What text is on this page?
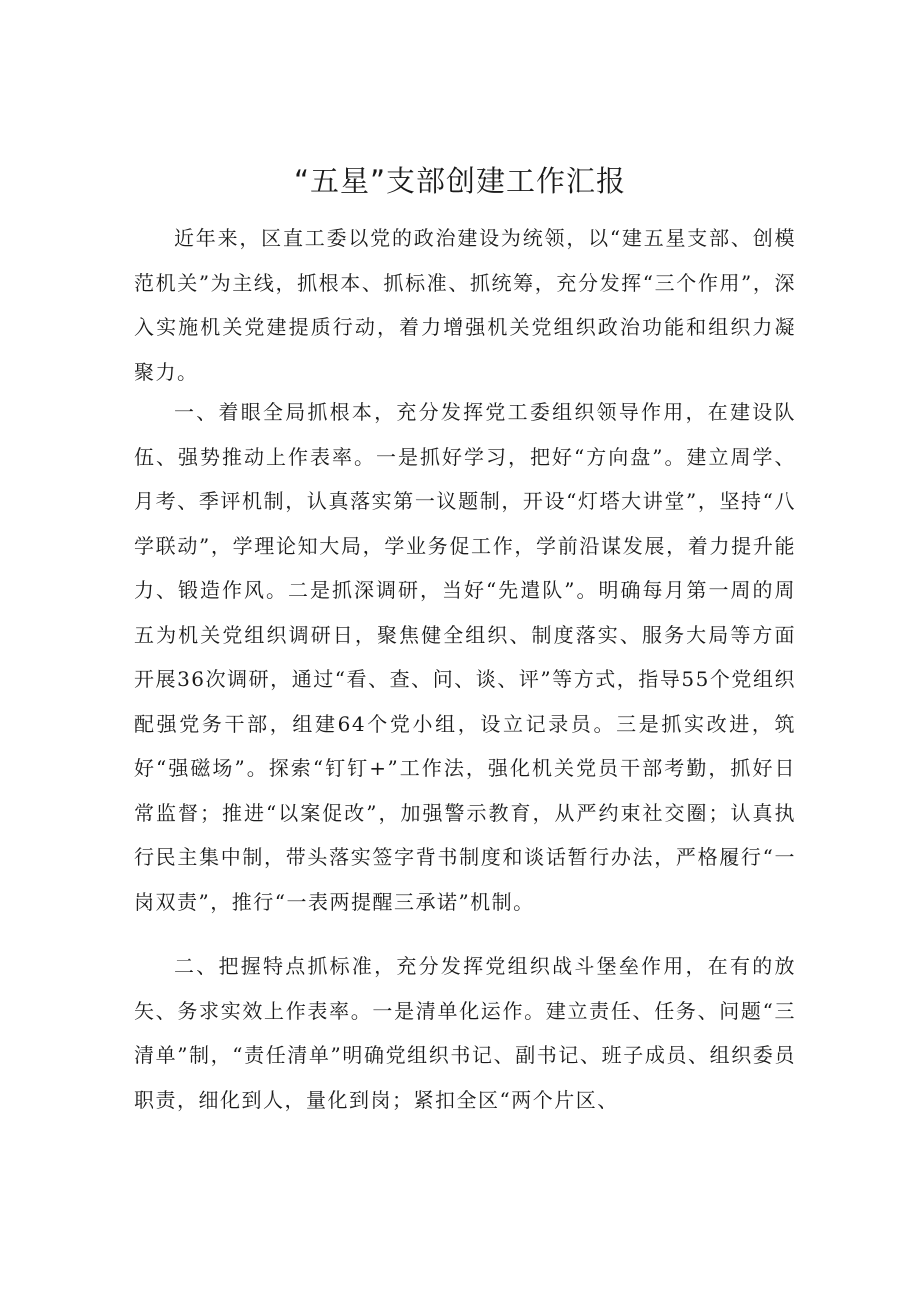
“五星”支部创建工作汇报

近年来，区直工委以党的政治建设为统领，以“建五星支部、创模范机关”为主线，抓根本、抓标准、抓统筹，充分发挥“三个作用”，深入实施机关党建提质行动，着力增强机关党组织政治功能和组织力凝聚力。

一、着眼全局抓根本，充分发挥党工委组织领导作用，在建设队伍、强势推动上作表率。一是抓好学习，把好“方向盘”。建立周学、月考、季评机制，认真落实第一议题制，开设“灯塔大讲堂”，坚持“八学联动”，学理论知大局，学业务促工作，学前沿谋发展，着力提升能力、锻造作风。二是抓深调研，当好“先遣队”。明确每月第一周的周五为机关党组织调研日，聚焦健全组织、制度落实、服务大局等方面开展36次调研，通过“看、查、问、谈、评”等方式，指导55个党组织配强党务干部，组建64个党小组，设立记录员。三是抓实改进，筑好“强磁场”。探索“钉钉+”工作法，强化机关党员干部考勤，抓好日常监督；推进“以案促改”，加强警示教育，从严约束社交圈；认真执行民主集中制，带头落实签字背书制度和谈话暂行办法，严格履行“一岗双责”，推行“一表两提醒三承诺”机制。

二、把握特点抓标准，充分发挥党组织战斗堡垒作用，在有的放矢、务求实效上作表率。一是清单化运作。建立责任、任务、问题“三清单”制，“责任清单”明确党组织书记、副书记、班子成员、组织委员职责，细化到人，量化到岗；紧扣全区“两个片区、
